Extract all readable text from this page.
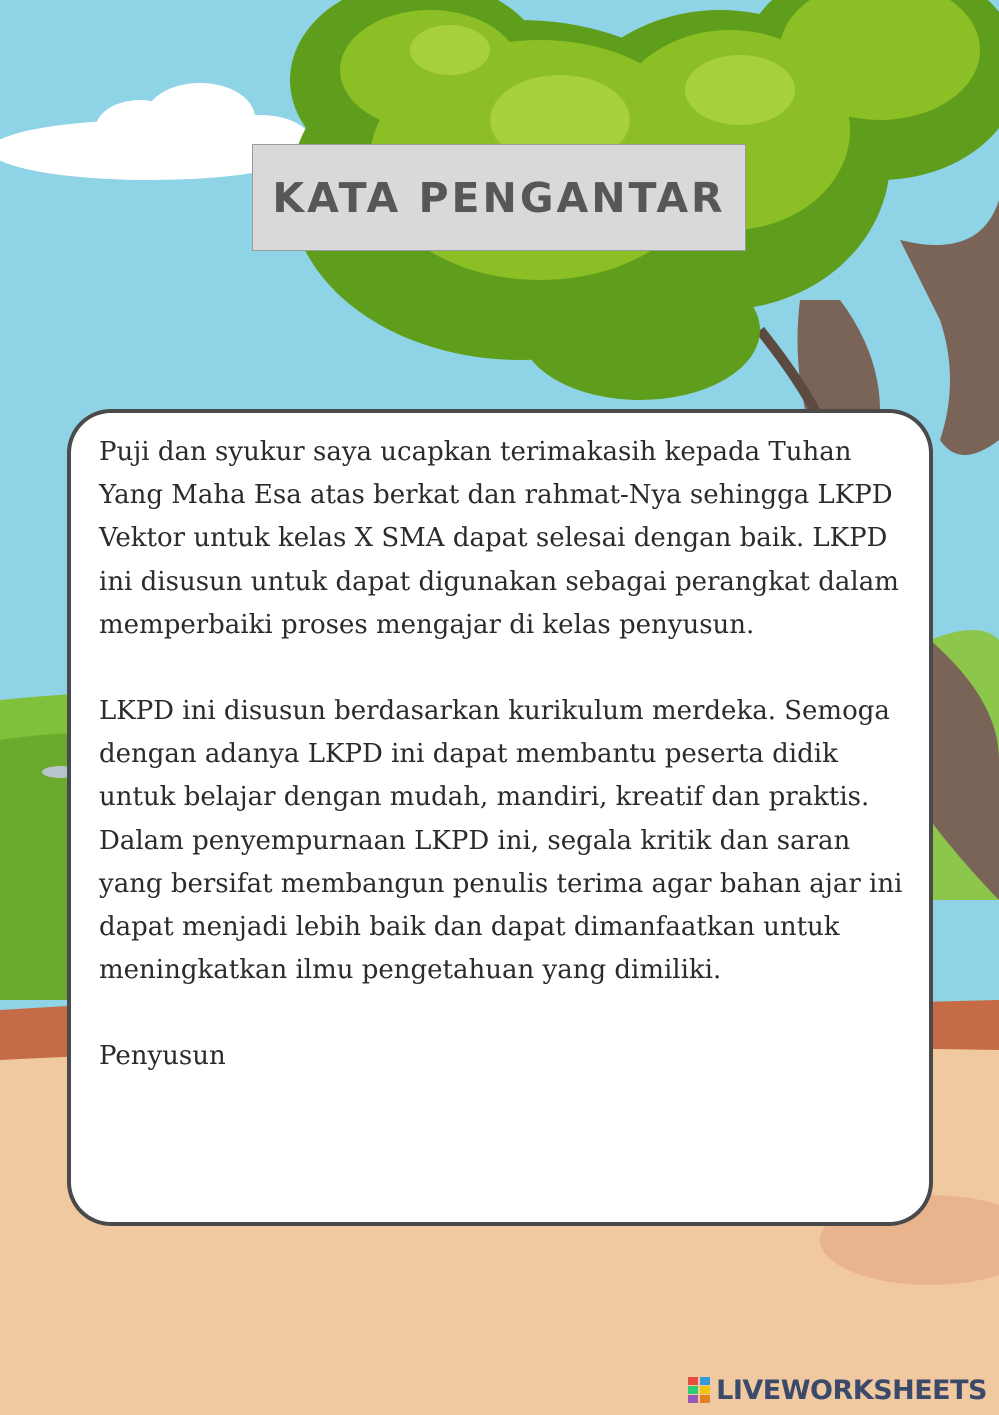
KATA PENGANTAR

Puji dan syukur saya ucapkan terimakasih kepada Tuhan Yang Maha Esa atas berkat dan rahmat-Nya sehingga LKPD Vektor untuk kelas X SMA dapat selesai dengan baik. LKPD ini disusun untuk dapat digunakan sebagai perangkat dalam memperbaiki proses mengajar di kelas penyusun.

LKPD ini disusun berdasarkan kurikulum merdeka. Semoga dengan adanya LKPD ini dapat membantu peserta didik untuk belajar dengan mudah, mandiri, kreatif dan praktis. Dalam penyempurnaan LKPD ini, segala kritik dan saran yang bersifat membangun penulis terima agar bahan ajar ini dapat menjadi lebih baik dan dapat dimanfaatkan untuk meningkatkan ilmu pengetahuan yang dimiliki.

Penyusun

LIVEWORKSHEETS
